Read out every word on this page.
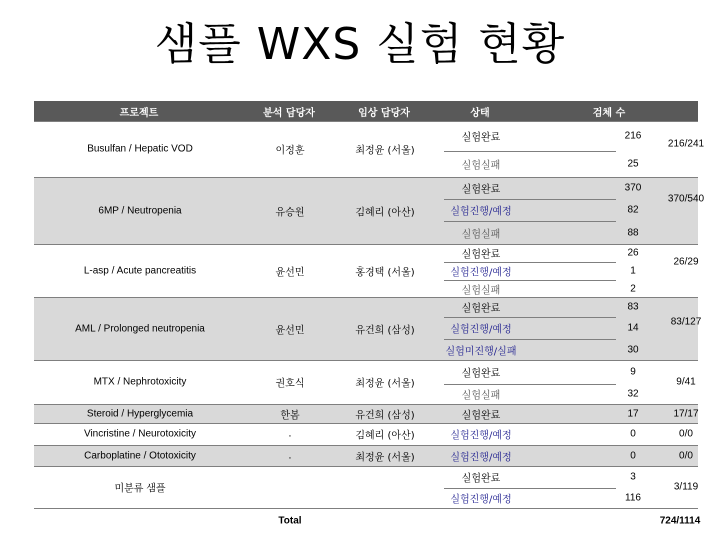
샘플 WXS 실험 현황
프로젝트	분석 담당자	임상 담당자	상태	검체 수
Busulfan / Hepatic VOD	이정훈	최정윤 (서울)
실험완료	216
실험실패	25
216/241
6MP / Neutropenia	유승원	김혜리 (아산)
실험완료	370
실험진행/예정	82
실험실패	88
370/540
L-asp / Acute pancreatitis	윤선민	홍경택 (서울)
실험완료	26
실험진행/예정	1
실험실패	2
26/29
AML / Prolonged neutropenia	윤선민	유건희 (삼성)
실험완료	83
실험진행/예정	14
실험미진행/실패	30
83/127
MTX / Nephrotoxicity	권호식	최정윤 (서울)
실험완료	9
실험실패	32
9/41
Steroid / Hyperglycemia	한봄	유건희 (삼성)	실험완료	17	17/17
Vincristine / Neurotoxicity	.	김혜리 (아산)	실험진행/예정	0	0/0
Carboplatine / Ototoxicity	.	최정윤 (서울)	실험진행/예정	0	0/0
미분류 샘플
실험완료	3
실험진행/예정	116
3/119
Total	724/1114
